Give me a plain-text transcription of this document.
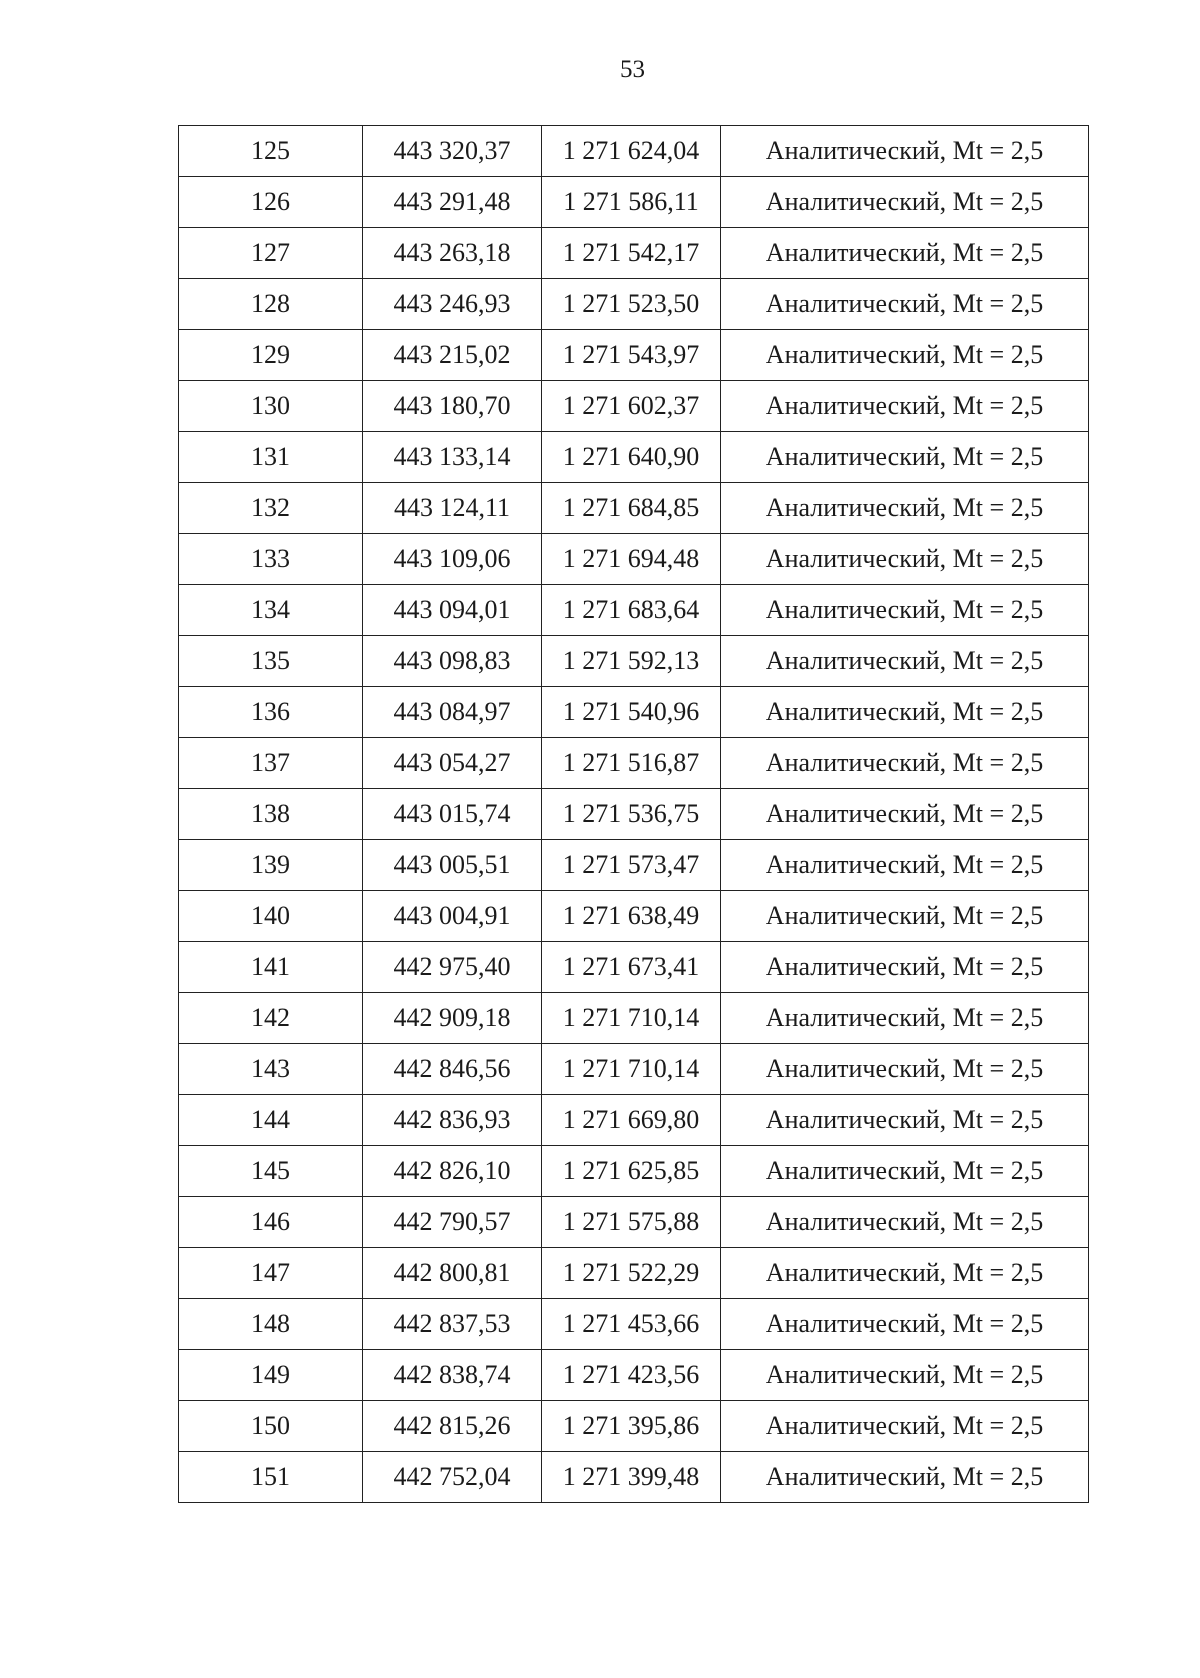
53
125	443 320,37	1 271 624,04	Аналитический, Mt = 2,5
126	443 291,48	1 271 586,11	Аналитический, Mt = 2,5
127	443 263,18	1 271 542,17	Аналитический, Mt = 2,5
128	443 246,93	1 271 523,50	Аналитический, Mt = 2,5
129	443 215,02	1 271 543,97	Аналитический, Mt = 2,5
130	443 180,70	1 271 602,37	Аналитический, Mt = 2,5
131	443 133,14	1 271 640,90	Аналитический, Mt = 2,5
132	443 124,11	1 271 684,85	Аналитический, Mt = 2,5
133	443 109,06	1 271 694,48	Аналитический, Mt = 2,5
134	443 094,01	1 271 683,64	Аналитический, Mt = 2,5
135	443 098,83	1 271 592,13	Аналитический, Mt = 2,5
136	443 084,97	1 271 540,96	Аналитический, Mt = 2,5
137	443 054,27	1 271 516,87	Аналитический, Mt = 2,5
138	443 015,74	1 271 536,75	Аналитический, Mt = 2,5
139	443 005,51	1 271 573,47	Аналитический, Mt = 2,5
140	443 004,91	1 271 638,49	Аналитический, Mt = 2,5
141	442 975,40	1 271 673,41	Аналитический, Mt = 2,5
142	442 909,18	1 271 710,14	Аналитический, Mt = 2,5
143	442 846,56	1 271 710,14	Аналитический, Mt = 2,5
144	442 836,93	1 271 669,80	Аналитический, Mt = 2,5
145	442 826,10	1 271 625,85	Аналитический, Mt = 2,5
146	442 790,57	1 271 575,88	Аналитический, Mt = 2,5
147	442 800,81	1 271 522,29	Аналитический, Mt = 2,5
148	442 837,53	1 271 453,66	Аналитический, Mt = 2,5
149	442 838,74	1 271 423,56	Аналитический, Mt = 2,5
150	442 815,26	1 271 395,86	Аналитический, Mt = 2,5
151	442 752,04	1 271 399,48	Аналитический, Mt = 2,5
